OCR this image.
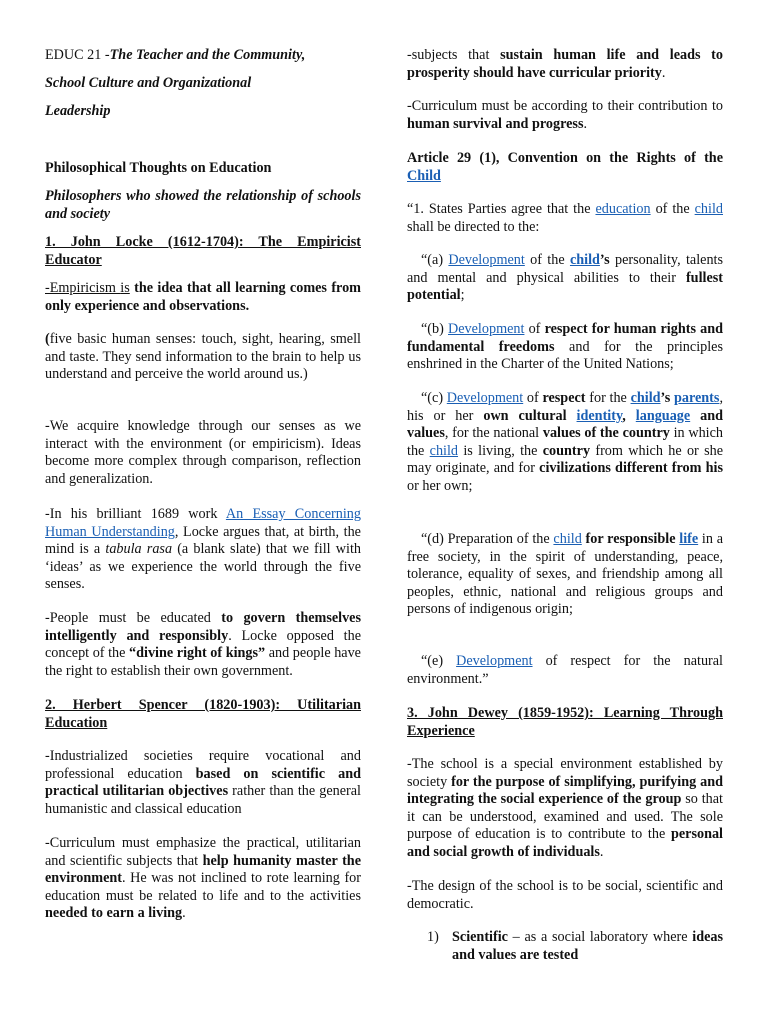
EDUC 21 -The Teacher and the Community,

School Culture and Organizational

Leadership

Philosophical Thoughts on Education

Philosophers who showed the relationship of schools and society

1. John Locke (1612-1704): The Empiricist Educator

-Empiricism is the idea that all learning comes from only experience and observations.

(five basic human senses: touch, sight, hearing, smell and taste. They send information to the brain to help us understand and perceive the world around us.)

-We acquire knowledge through our senses as we interact with the environment (or empiricism). Ideas become more complex through comparison, reflection and generalization.

-In his brilliant 1689 work An Essay Concerning Human Understanding, Locke argues that, at birth, the mind is a tabula rasa (a blank slate) that we fill with ‘ideas’ as we experience the world through the five senses.

-People must be educated to govern themselves intelligently and responsibly. Locke opposed the concept of the “divine right of kings” and people have the right to establish their own government.

2. Herbert Spencer (1820-1903): Utilitarian Education

-Industrialized societies require vocational and professional education based on scientific and practical utilitarian objectives rather than the general humanistic and classical education

-Curriculum must emphasize the practical, utilitarian and scientific subjects that help humanity master the environment. He was not inclined to rote learning for education must be related to life and to the activities needed to earn a living.

-subjects that sustain human life and leads to prosperity should have curricular priority.

-Curriculum must be according to their contribution to human survival and progress.

Article 29 (1), Convention on the Rights of the Child

“1. States Parties agree that the education of the child shall be directed to the:

“(a) Development of the child’s personality, talents and mental and physical abilities to their fullest potential;

“(b) Development of respect for human rights and fundamental freedoms and for the principles enshrined in the Charter of the United Nations;

“(c) Development of respect for the child’s parents, his or her own cultural identity, language and values, for the national values of the country in which the child is living, the country from which he or she may originate, and for civilizations different from his or her own;

“(d) Preparation of the child for responsible life in a free society, in the spirit of understanding, peace, tolerance, equality of sexes, and friendship among all peoples, ethnic, national and religious groups and persons of indigenous origin;

“(e) Development of respect for the natural environment.”

3. John Dewey (1859-1952): Learning Through Experience

-The school is a special environment established by society for the purpose of simplifying, purifying and integrating the social experience of the group so that it can be understood, examined and used. The sole purpose of education is to contribute to the personal and social growth of individuals.

-The design of the school is to be social, scientific and democratic.

1) Scientific – as a social laboratory where ideas and values are tested
